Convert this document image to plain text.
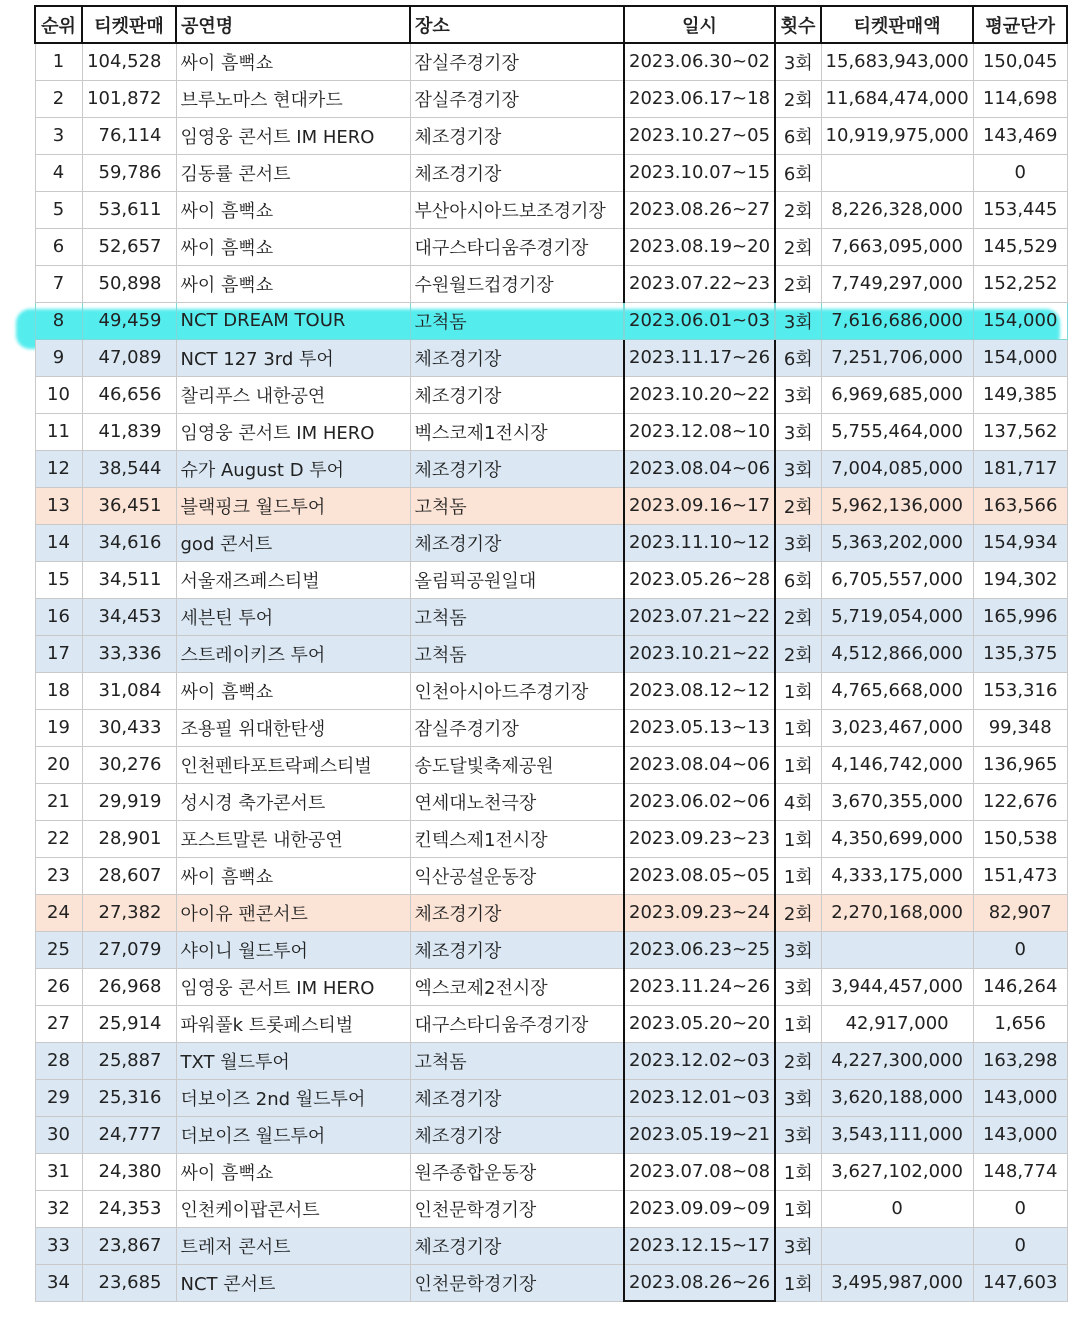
순위	티켓판매	공연명	장소	일시	횟수	티켓판매액	평균단가
1	104,528	싸이 흠뻑쇼	잠실주경기장	2023.06.30~02	3회	15,683,943,000	150,045
2	101,872	브루노마스 현대카드	잠실주경기장	2023.06.17~18	2회	11,684,474,000	114,698
3	76,114	임영웅 콘서트 IM HERO	체조경기장	2023.10.27~05	6회	10,919,975,000	143,469
4	59,786	김동률 콘서트	체조경기장	2023.10.07~15	6회		0
5	53,611	싸이 흠뻑쇼	부산아시아드보조경기장	2023.08.26~27	2회	8,226,328,000	153,445
6	52,657	싸이 흠뻑쇼	대구스타디움주경기장	2023.08.19~20	2회	7,663,095,000	145,529
7	50,898	싸이 흠뻑쇼	수원월드컵경기장	2023.07.22~23	2회	7,749,297,000	152,252
8	49,459	NCT DREAM TOUR	고척돔	2023.06.01~03	3회	7,616,686,000	154,000
9	47,089	NCT 127 3rd 투어	체조경기장	2023.11.17~26	6회	7,251,706,000	154,000
10	46,656	찰리푸스 내한공연	체조경기장	2023.10.20~22	3회	6,969,685,000	149,385
11	41,839	임영웅 콘서트 IM HERO	벡스코제1전시장	2023.12.08~10	3회	5,755,464,000	137,562
12	38,544	슈가 August D 투어	체조경기장	2023.08.04~06	3회	7,004,085,000	181,717
13	36,451	블랙핑크 월드투어	고척돔	2023.09.16~17	2회	5,962,136,000	163,566
14	34,616	god 콘서트	체조경기장	2023.11.10~12	3회	5,363,202,000	154,934
15	34,511	서울재즈페스티벌	올림픽공원일대	2023.05.26~28	6회	6,705,557,000	194,302
16	34,453	세븐틴 투어	고척돔	2023.07.21~22	2회	5,719,054,000	165,996
17	33,336	스트레이키즈 투어	고척돔	2023.10.21~22	2회	4,512,866,000	135,375
18	31,084	싸이 흠뻑쇼	인천아시아드주경기장	2023.08.12~12	1회	4,765,668,000	153,316
19	30,433	조용필 위대한탄생	잠실주경기장	2023.05.13~13	1회	3,023,467,000	99,348
20	30,276	인천펜타포트락페스티벌	송도달빛축제공원	2023.08.04~06	1회	4,146,742,000	136,965
21	29,919	성시경 축가콘서트	연세대노천극장	2023.06.02~06	4회	3,670,355,000	122,676
22	28,901	포스트말론 내한공연	킨텍스제1전시장	2023.09.23~23	1회	4,350,699,000	150,538
23	28,607	싸이 흠뻑쇼	익산공설운동장	2023.08.05~05	1회	4,333,175,000	151,473
24	27,382	아이유 팬콘서트	체조경기장	2023.09.23~24	2회	2,270,168,000	82,907
25	27,079	샤이니 월드투어	체조경기장	2023.06.23~25	3회		0
26	26,968	임영웅 콘서트 IM HERO	엑스코제2전시장	2023.11.24~26	3회	3,944,457,000	146,264
27	25,914	파워풀k 트롯페스티벌	대구스타디움주경기장	2023.05.20~20	1회	42,917,000	1,656
28	25,887	TXT 월드투어	고척돔	2023.12.02~03	2회	4,227,300,000	163,298
29	25,316	더보이즈 2nd 월드투어	체조경기장	2023.12.01~03	3회	3,620,188,000	143,000
30	24,777	더보이즈 월드투어	체조경기장	2023.05.19~21	3회	3,543,111,000	143,000
31	24,380	싸이 흠뻑쇼	원주종합운동장	2023.07.08~08	1회	3,627,102,000	148,774
32	24,353	인천케이팝콘서트	인천문학경기장	2023.09.09~09	1회	0	0
33	23,867	트레저 콘서트	체조경기장	2023.12.15~17	3회		0
34	23,685	NCT 콘서트	인천문학경기장	2023.08.26~26	1회	3,495,987,000	147,603
